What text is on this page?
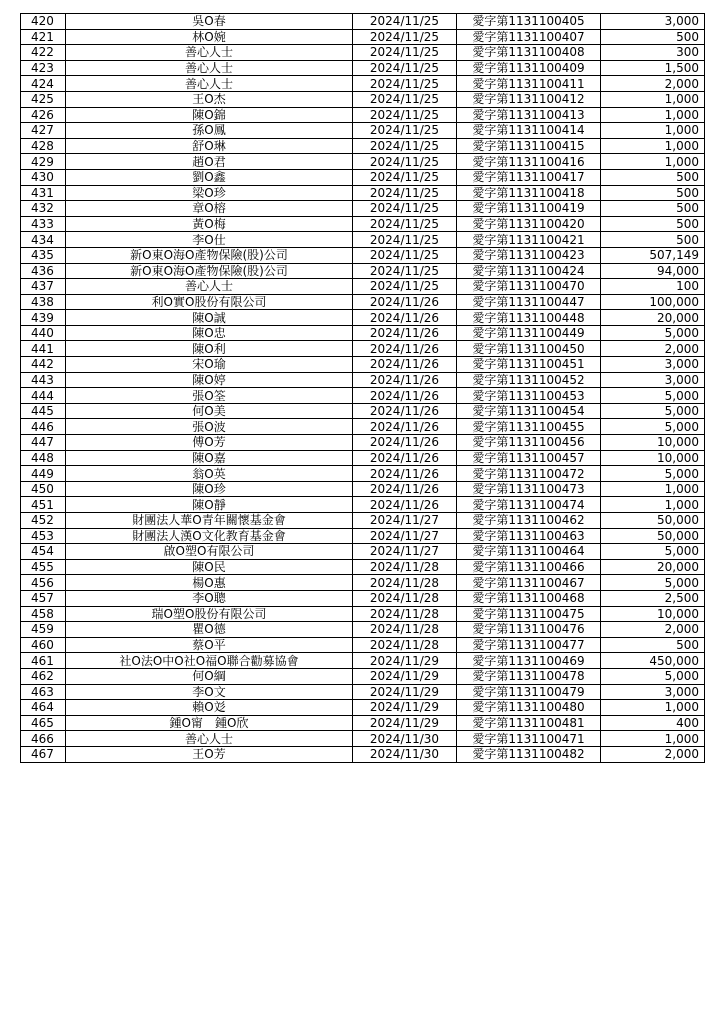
420	吳O春	2024/11/25	愛字第1131100405	3,000
421	林O婉	2024/11/25	愛字第1131100407	500
422	善心人士	2024/11/25	愛字第1131100408	300
423	善心人士	2024/11/25	愛字第1131100409	1,500
424	善心人士	2024/11/25	愛字第1131100411	2,000
425	王O杰	2024/11/25	愛字第1131100412	1,000
426	陳O錦	2024/11/25	愛字第1131100413	1,000
427	孫O鳳	2024/11/25	愛字第1131100414	1,000
428	舒O琳	2024/11/25	愛字第1131100415	1,000
429	趙O君	2024/11/25	愛字第1131100416	1,000
430	劉O鑫	2024/11/25	愛字第1131100417	500
431	梁O珍	2024/11/25	愛字第1131100418	500
432	章O榕	2024/11/25	愛字第1131100419	500
433	黃O梅	2024/11/25	愛字第1131100420	500
434	李O仕	2024/11/25	愛字第1131100421	500
435	新O東O海O產物保險(股)公司	2024/11/25	愛字第1131100423	507,149
436	新O東O海O產物保險(股)公司	2024/11/25	愛字第1131100424	94,000
437	善心人士	2024/11/25	愛字第1131100470	100
438	利O實O股份有限公司	2024/11/26	愛字第1131100447	100,000
439	陳O誠	2024/11/26	愛字第1131100448	20,000
440	陳O忠	2024/11/26	愛字第1131100449	5,000
441	陳O利	2024/11/26	愛字第1131100450	2,000
442	宋O瑜	2024/11/26	愛字第1131100451	3,000
443	陳O婷	2024/11/26	愛字第1131100452	3,000
444	張O筌	2024/11/26	愛字第1131100453	5,000
445	何O美	2024/11/26	愛字第1131100454	5,000
446	張O波	2024/11/26	愛字第1131100455	5,000
447	傅O芳	2024/11/26	愛字第1131100456	10,000
448	陳O嘉	2024/11/26	愛字第1131100457	10,000
449	翁O英	2024/11/26	愛字第1131100472	5,000
450	陳O珍	2024/11/26	愛字第1131100473	1,000
451	陳O靜	2024/11/26	愛字第1131100474	1,000
452	財團法人華O青年關懷基金會	2024/11/27	愛字第1131100462	50,000
453	財團法人漢O文化教育基金會	2024/11/27	愛字第1131100463	50,000
454	啟O塑O有限公司	2024/11/27	愛字第1131100464	5,000
455	陳O民	2024/11/28	愛字第1131100466	20,000
456	楊O惠	2024/11/28	愛字第1131100467	5,000
457	李O聰	2024/11/28	愛字第1131100468	2,500
458	瑞O塑O股份有限公司	2024/11/28	愛字第1131100475	10,000
459	瞿O德	2024/11/28	愛字第1131100476	2,000
460	蔡O平	2024/11/28	愛字第1131100477	500
461	社O法O中O社O福O聯合勸募協會	2024/11/29	愛字第1131100469	450,000
462	何O綱	2024/11/29	愛字第1131100478	5,000
463	李O文	2024/11/29	愛字第1131100479	3,000
464	賴O彣	2024/11/29	愛字第1131100480	1,000
465	鍾O甯　鍾O欣	2024/11/29	愛字第1131100481	400
466	善心人士	2024/11/30	愛字第1131100471	1,000
467	王O芳	2024/11/30	愛字第1131100482	2,000
